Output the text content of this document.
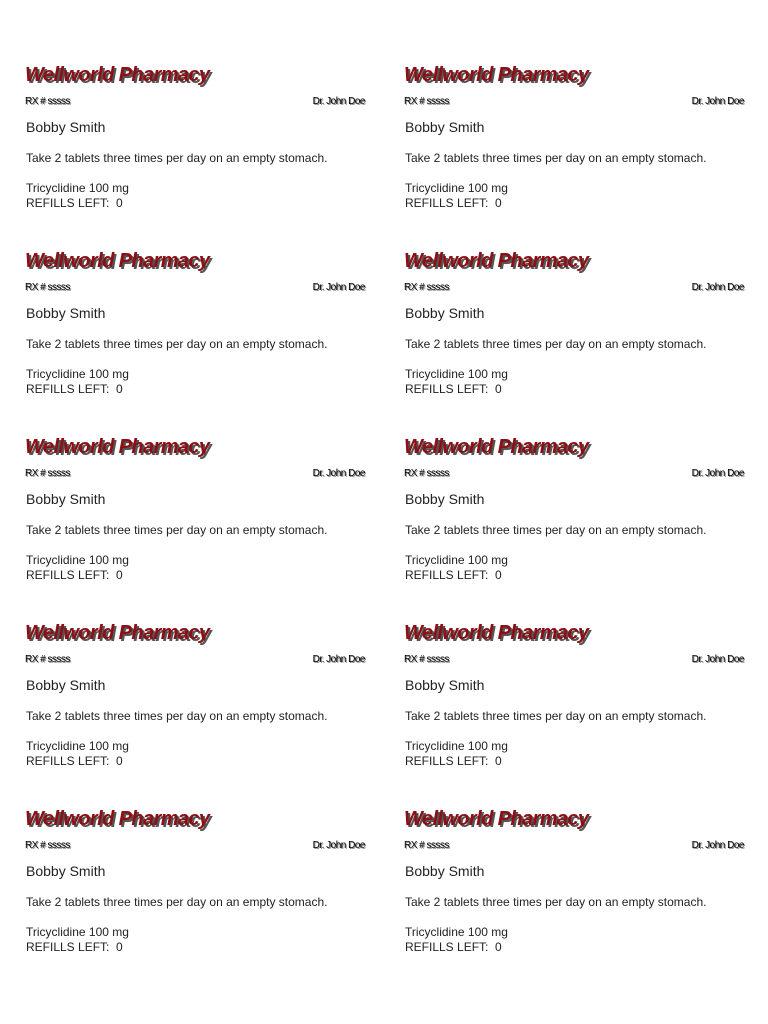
Wellworld Pharmacy
RX # sssss	Dr. John Doe
Bobby Smith
Take 2 tablets three times per day on an empty stomach.
Tricyclidine 100 mg
REFILLS LEFT:  0
Wellworld Pharmacy
RX # sssss	Dr. John Doe
Bobby Smith
Take 2 tablets three times per day on an empty stomach.
Tricyclidine 100 mg
REFILLS LEFT:  0
Wellworld Pharmacy
RX # sssss	Dr. John Doe
Bobby Smith
Take 2 tablets three times per day on an empty stomach.
Tricyclidine 100 mg
REFILLS LEFT:  0
Wellworld Pharmacy
RX # sssss	Dr. John Doe
Bobby Smith
Take 2 tablets three times per day on an empty stomach.
Tricyclidine 100 mg
REFILLS LEFT:  0
Wellworld Pharmacy
RX # sssss	Dr. John Doe
Bobby Smith
Take 2 tablets three times per day on an empty stomach.
Tricyclidine 100 mg
REFILLS LEFT:  0
Wellworld Pharmacy
RX # sssss	Dr. John Doe
Bobby Smith
Take 2 tablets three times per day on an empty stomach.
Tricyclidine 100 mg
REFILLS LEFT:  0
Wellworld Pharmacy
RX # sssss	Dr. John Doe
Bobby Smith
Take 2 tablets three times per day on an empty stomach.
Tricyclidine 100 mg
REFILLS LEFT:  0
Wellworld Pharmacy
RX # sssss	Dr. John Doe
Bobby Smith
Take 2 tablets three times per day on an empty stomach.
Tricyclidine 100 mg
REFILLS LEFT:  0
Wellworld Pharmacy
RX # sssss	Dr. John Doe
Bobby Smith
Take 2 tablets three times per day on an empty stomach.
Tricyclidine 100 mg
REFILLS LEFT:  0
Wellworld Pharmacy
RX # sssss	Dr. John Doe
Bobby Smith
Take 2 tablets three times per day on an empty stomach.
Tricyclidine 100 mg
REFILLS LEFT:  0
